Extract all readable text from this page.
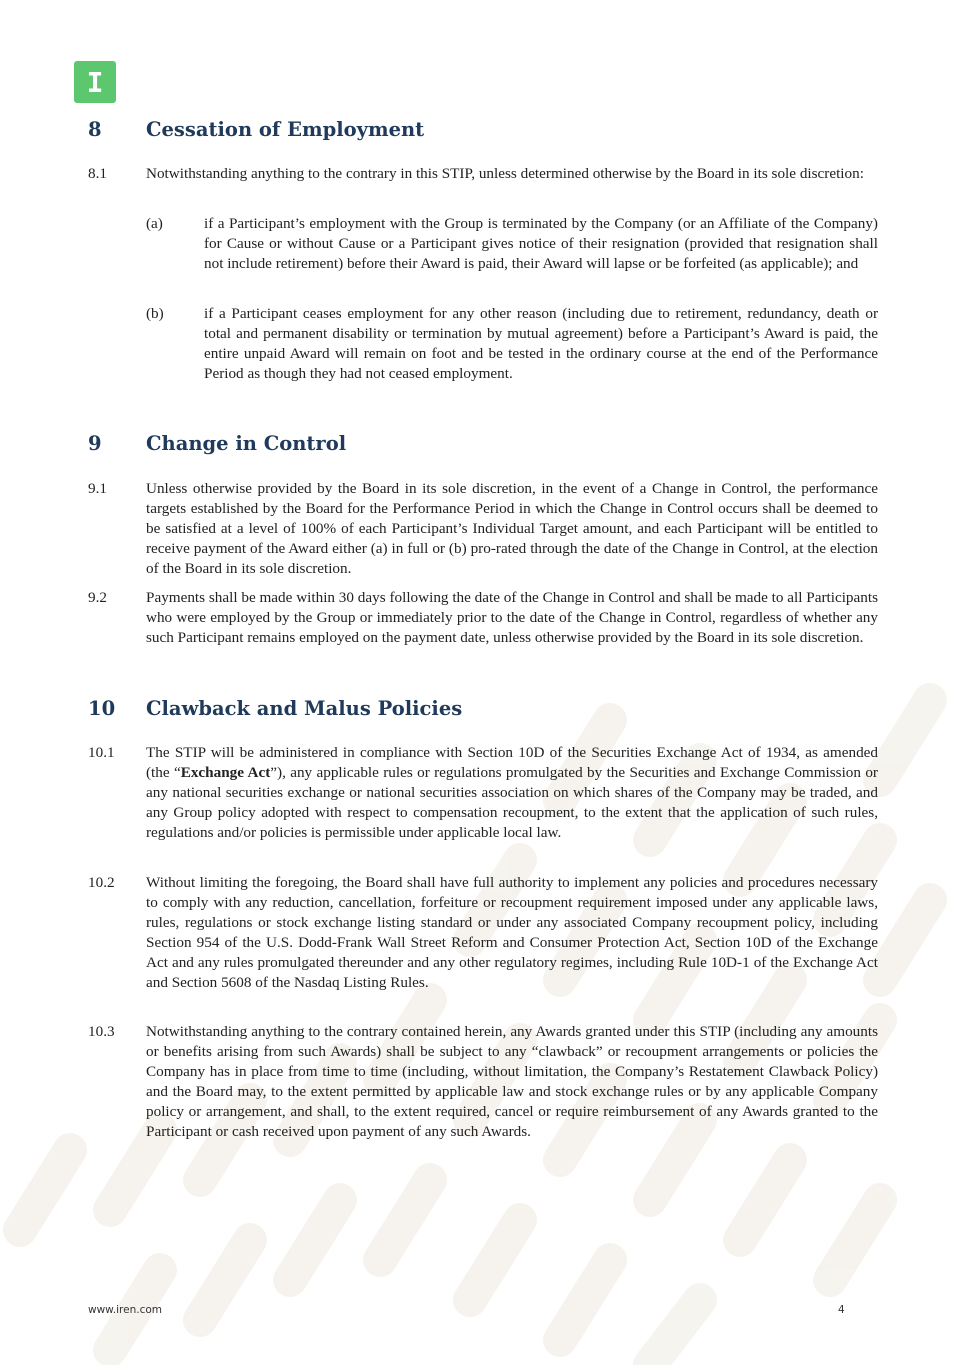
I
8 Cessation of Employment
8.1	Notwithstanding anything to the contrary in this STIP, unless determined otherwise by the Board in its sole discretion:
(a)	if a Participant’s employment with the Group is terminated by the Company (or an Affiliate of the Company) for Cause or without Cause or a Participant gives notice of their resignation (provided that resignation shall not include retirement) before their Award is paid, their Award will lapse or be forfeited (as applicable); and
(b)	if a Participant ceases employment for any other reason (including due to retirement, redundancy, death or total and permanent disability or termination by mutual agreement) before a Participant’s Award is paid, the entire unpaid Award will remain on foot and be tested in the ordinary course at the end of the Performance Period as though they had not ceased employment.
9 Change in Control
9.1	Unless otherwise provided by the Board in its sole discretion, in the event of a Change in Control, the performance targets established by the Board for the Performance Period in which the Change in Control occurs shall be deemed to be satisfied at a level of 100% of each Participant’s Individual Target amount, and each Participant will be entitled to receive payment of the Award either (a) in full or (b) pro-rated through the date of the Change in Control, at the election of the Board in its sole discretion.
9.2	Payments shall be made within 30 days following the date of the Change in Control and shall be made to all Participants who were employed by the Group or immediately prior to the date of the Change in Control, regardless of whether any such Participant remains employed on the payment date, unless otherwise provided by the Board in its sole discretion.
10 Clawback and Malus Policies
10.1 The STIP will be administered in compliance with Section 10D of the Securities Exchange Act of 1934, as amended (the “Exchange Act”), any applicable rules or regulations promulgated by the Securities and Exchange Commission or any national securities exchange or national securities association on which shares of the Company may be traded, and any Group policy adopted with respect to compensation recoupment, to the extent that the application of such rules, regulations and/or policies is permissible under applicable local law.
10.2 Without limiting the foregoing, the Board shall have full authority to implement any policies and procedures necessary to comply with any reduction, cancellation, forfeiture or recoupment requirement imposed under any applicable laws, rules, regulations or stock exchange listing standard or under any associated Company recoupment policy, including Section 954 of the U.S. Dodd-Frank Wall Street Reform and Consumer Protection Act, Section 10D of the Exchange Act and any rules promulgated thereunder and any other regulatory regimes, including Rule 10D-1 of the Exchange Act and Section 5608 of the Nasdaq Listing Rules.
10.3 Notwithstanding anything to the contrary contained herein, any Awards granted under this STIP (including any amounts or benefits arising from such Awards) shall be subject to any “clawback” or recoupment arrangements or policies the Company has in place from time to time (including, without limitation, the Company’s Restatement Clawback Policy) and the Board may, to the extent permitted by applicable law and stock exchange rules or by any applicable Company policy or arrangement, and shall, to the extent required, cancel or require reimbursement of any Awards granted to the Participant or cash received upon payment of any such Awards.
www.iren.com	4
